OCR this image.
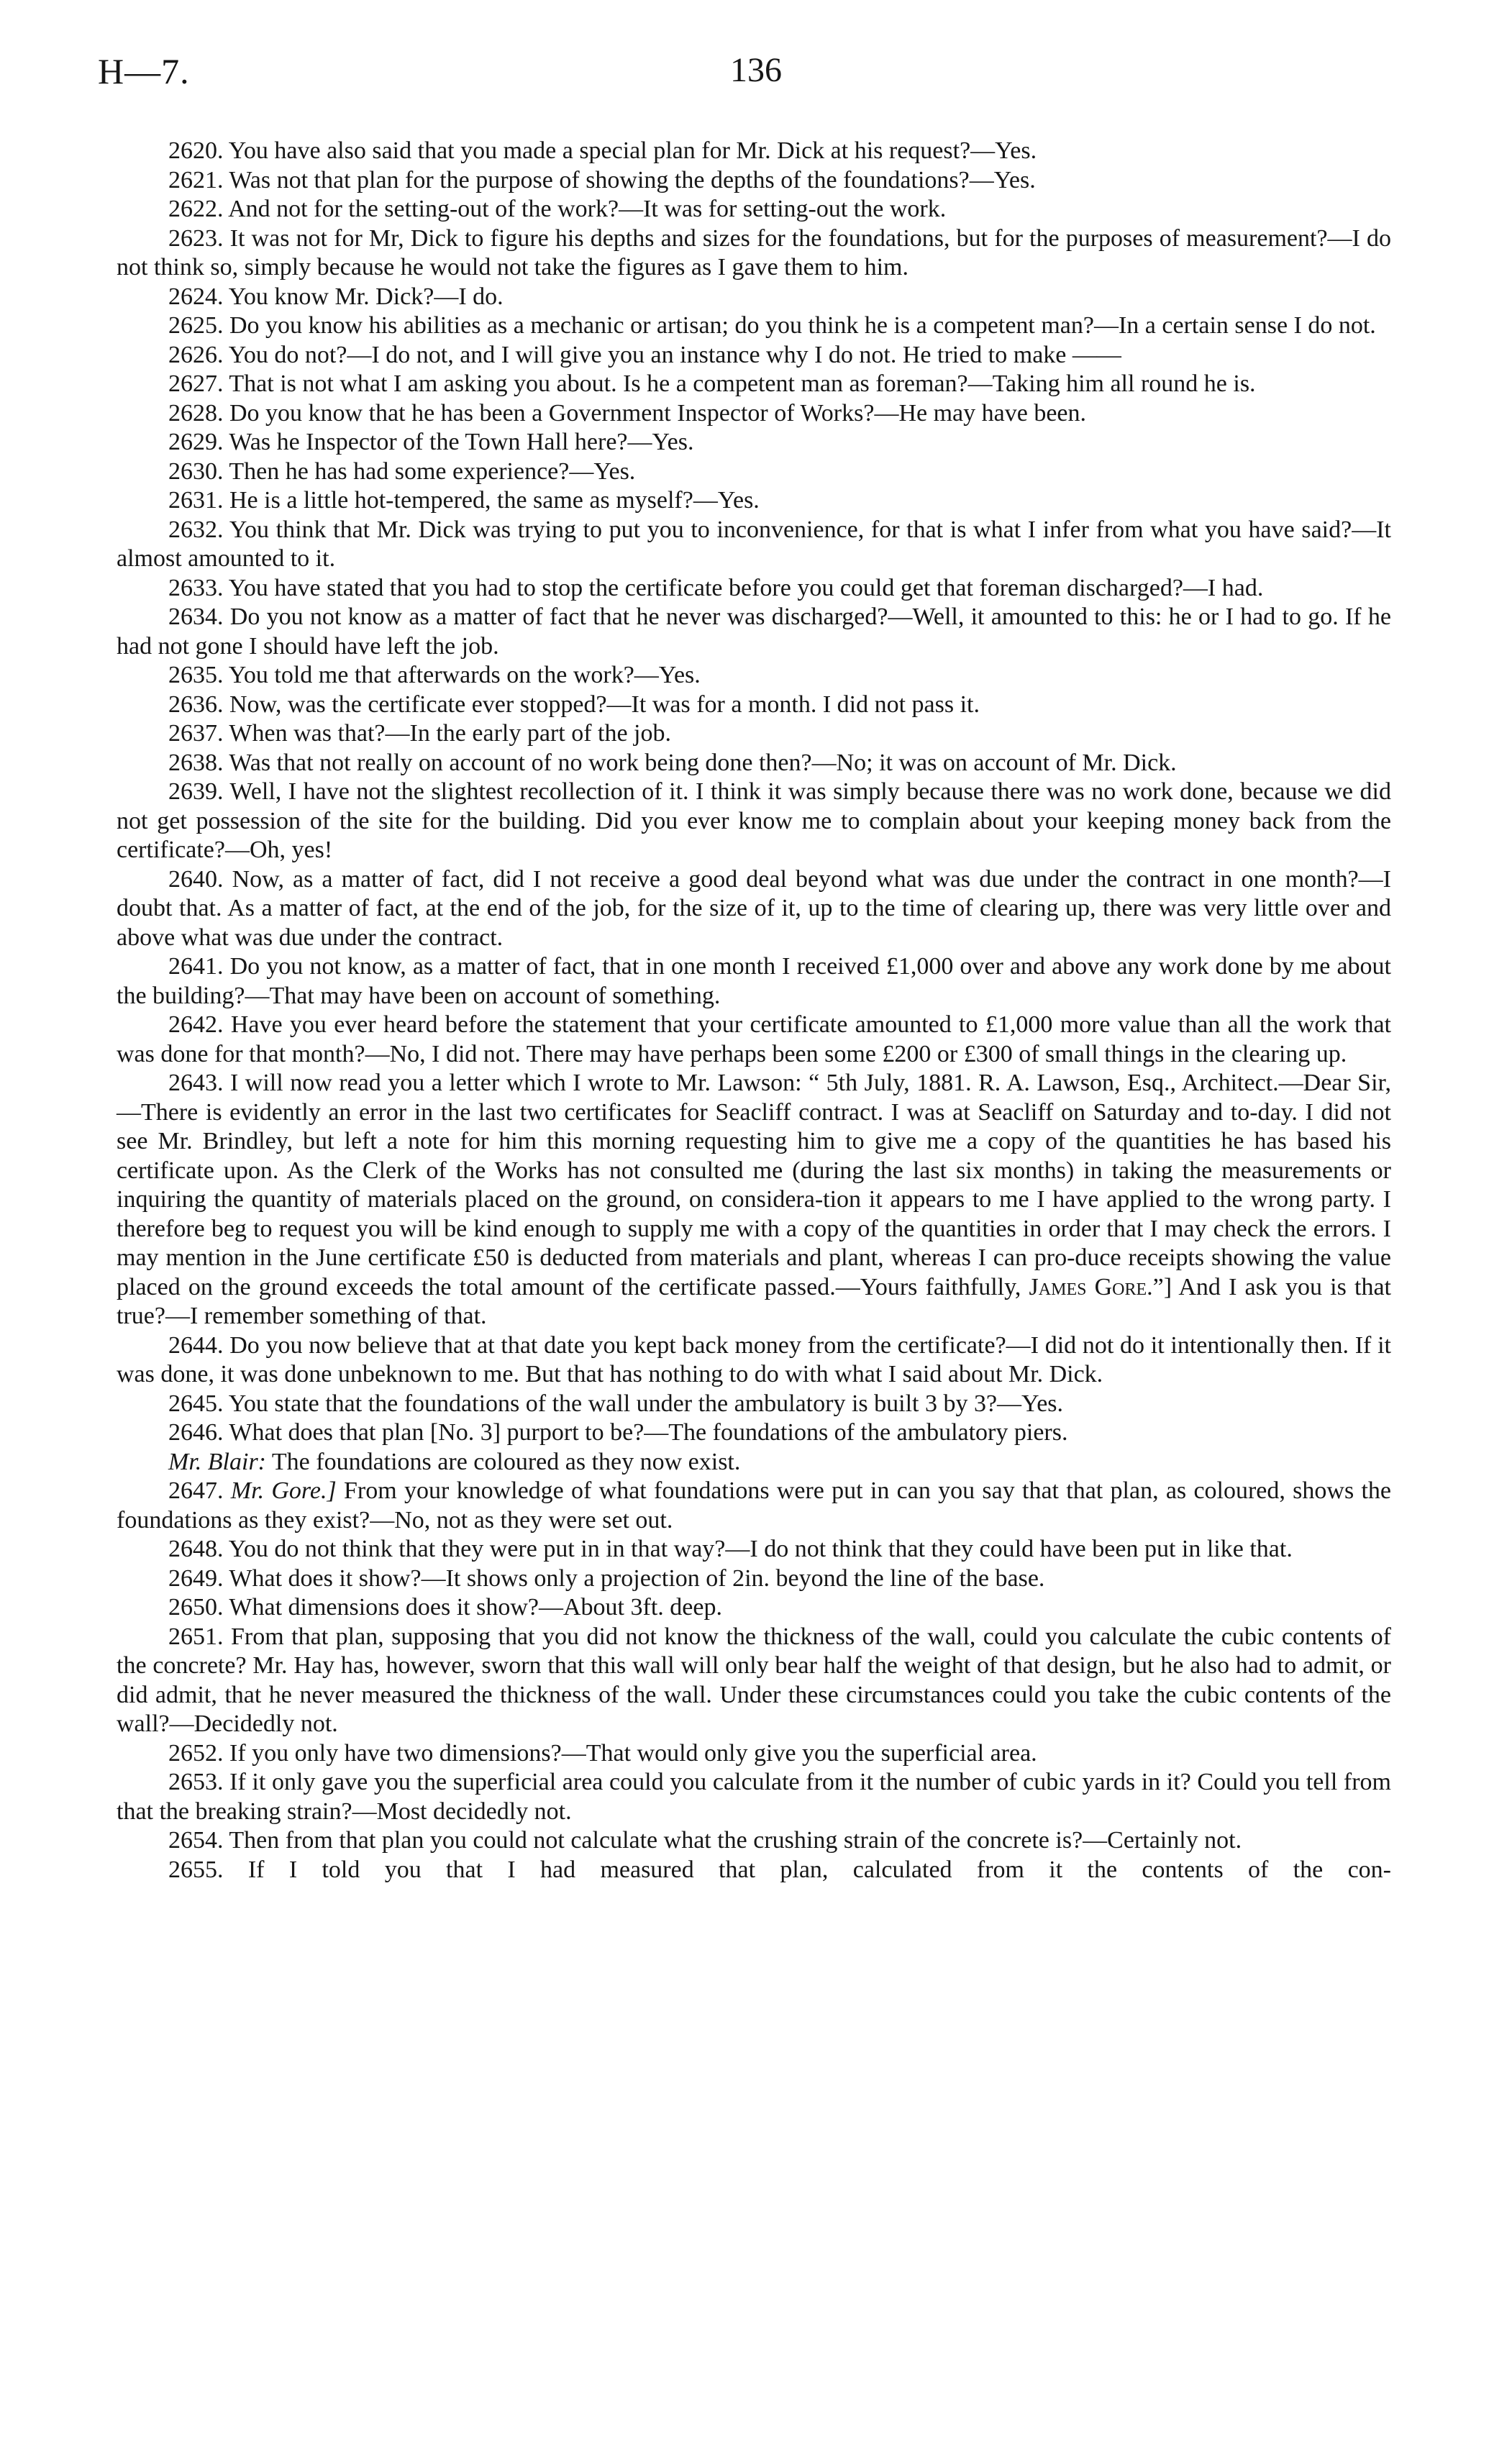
H—7.	136

2620. You have also said that you made a special plan for Mr. Dick at his request?—Yes.

2621. Was not that plan for the purpose of showing the depths of the foundations?—Yes.

2622. And not for the setting-out of the work?—It was for setting-out the work.

2623. It was not for Mr, Dick to figure his depths and sizes for the foundations, but for the purposes of measurement?—I do not think so, simply because he would not take the figures as I gave them to him.

2624. You know Mr. Dick?—I do.

2625. Do you know his abilities as a mechanic or artisan; do you think he is a competent man?—In a certain sense I do not.

2626. You do not?—I do not, and I will give you an instance why I do not. He tried to make ——

2627. That is not what I am asking you about. Is he a competent man as foreman?—Taking him all round he is.

2628. Do you know that he has been a Government Inspector of Works?—He may have been.

2629. Was he Inspector of the Town Hall here?—Yes.

2630. Then he has had some experience?—Yes.

2631. He is a little hot-tempered, the same as myself?—Yes.

2632. You think that Mr. Dick was trying to put you to inconvenience, for that is what I infer from what you have said?—It almost amounted to it.

2633. You have stated that you had to stop the certificate before you could get that foreman discharged?—I had.

2634. Do you not know as a matter of fact that he never was discharged?—Well, it amounted to this: he or I had to go. If he had not gone I should have left the job.

2635. You told me that afterwards on the work?—Yes.

2636. Now, was the certificate ever stopped?—It was for a month. I did not pass it.

2637. When was that?—In the early part of the job.

2638. Was that not really on account of no work being done then?—No; it was on account of Mr. Dick.

2639. Well, I have not the slightest recollection of it. I think it was simply because there was no work done, because we did not get possession of the site for the building. Did you ever know me to complain about your keeping money back from the certificate?—Oh, yes!

2640. Now, as a matter of fact, did I not receive a good deal beyond what was due under the contract in one month?—I doubt that. As a matter of fact, at the end of the job, for the size of it, up to the time of clearing up, there was very little over and above what was due under the contract.

2641. Do you not know, as a matter of fact, that in one month I received £1,000 over and above any work done by me about the building?—That may have been on account of something.

2642. Have you ever heard before the statement that your certificate amounted to £1,000 more value than all the work that was done for that month?—No, I did not. There may have perhaps been some £200 or £300 of small things in the clearing up.

2643. I will now read you a letter which I wrote to Mr. Lawson: “ 5th July, 1881. R. A. Lawson, Esq., Architect.—Dear Sir,—There is evidently an error in the last two certificates for Seacliff contract. I was at Seacliff on Saturday and to-day. I did not see Mr. Brindley, but left a note for him this morning requesting him to give me a copy of the quantities he has based his certificate upon. As the Clerk of the Works has not consulted me (during the last six months) in taking the measurements or inquiring the quantity of materials placed on the ground, on considera-tion it appears to me I have applied to the wrong party. I therefore beg to request you will be kind enough to supply me with a copy of the quantities in order that I may check the errors. I may mention in the June certificate £50 is deducted from materials and plant, whereas I can pro-duce receipts showing the value placed on the ground exceeds the total amount of the certificate passed.—Yours faithfully, James Gore.”] And I ask you is that true?—I remember something of that.

2644. Do you now believe that at that date you kept back money from the certificate?—I did not do it intentionally then. If it was done, it was done unbeknown to me. But that has nothing to do with what I said about Mr. Dick.

2645. You state that the foundations of the wall under the ambulatory is built 3 by 3?—Yes.

2646. What does that plan [No. 3] purport to be?—The foundations of the ambulatory piers.

Mr. Blair: The foundations are coloured as they now exist.

2647. Mr. Gore.] From your knowledge of what foundations were put in can you say that that plan, as coloured, shows the foundations as they exist?—No, not as they were set out.

2648. You do not think that they were put in in that way?—I do not think that they could have been put in like that.

2649. What does it show?—It shows only a projection of 2in. beyond the line of the base.

2650. What dimensions does it show?—About 3ft. deep.

2651. From that plan, supposing that you did not know the thickness of the wall, could you calculate the cubic contents of the concrete? Mr. Hay has, however, sworn that this wall will only bear half the weight of that design, but he also had to admit, or did admit, that he never measured the thickness of the wall. Under these circumstances could you take the cubic contents of the wall?—Decidedly not.

2652. If you only have two dimensions?—That would only give you the superficial area.

2653. If it only gave you the superficial area could you calculate from it the number of cubic yards in it? Could you tell from that the breaking strain?—Most decidedly not.

2654. Then from that plan you could not calculate what the crushing strain of the concrete is?—Certainly not.

2655. If I told you that I had measured that plan, calculated from it the contents of the con-
